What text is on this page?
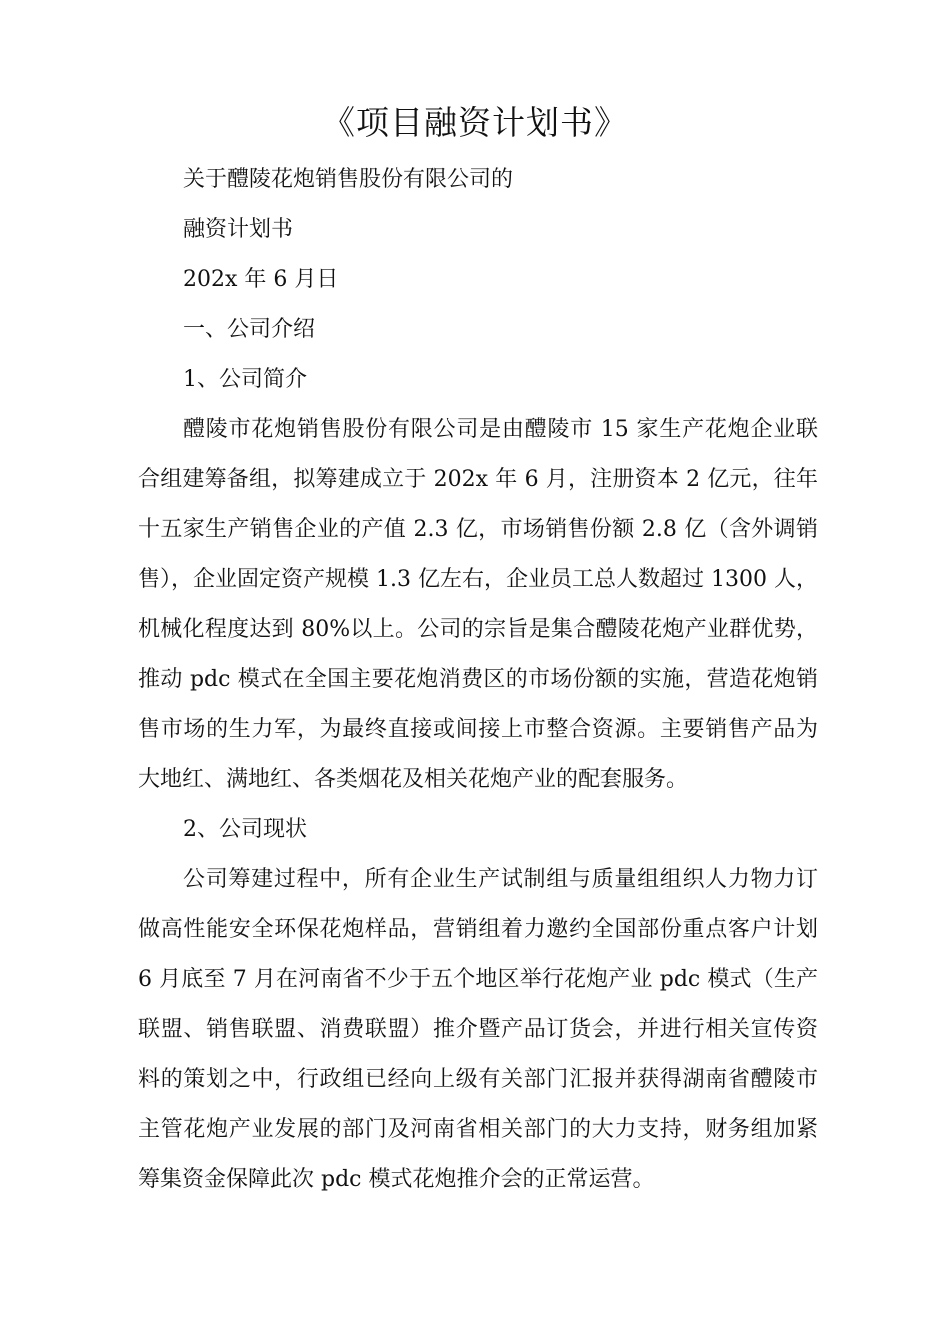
《项目融资计划书》

关于醴陵花炮销售股份有限公司的

融资计划书

202x 年 6 月日

一、公司介绍

1、公司简介

醴陵市花炮销售股份有限公司是由醴陵市 15 家生产花炮企业联合组建筹备组，拟筹建成立于 202x 年 6 月，注册资本 2 亿元，往年十五家生产销售企业的产值 2.3 亿，市场销售份额 2.8 亿（含外调销售），企业固定资产规模 1.3 亿左右，企业员工总人数超过 1300 人，机械化程度达到 80%以上。公司的宗旨是集合醴陵花炮产业群优势，推动 pdc 模式在全国主要花炮消费区的市场份额的实施，营造花炮销售市场的生力军，为最终直接或间接上市整合资源。主要销售产品为大地红、满地红、各类烟花及相关花炮产业的配套服务。

2、公司现状

公司筹建过程中，所有企业生产试制组与质量组组织人力物力订做高性能安全环保花炮样品，营销组着力邀约全国部份重点客户计划 6 月底至 7 月在河南省不少于五个地区举行花炮产业 pdc 模式（生产联盟、销售联盟、消费联盟）推介暨产品订货会，并进行相关宣传资料的策划之中，行政组已经向上级有关部门汇报并获得湖南省醴陵市主管花炮产业发展的部门及河南省相关部门的大力支持，财务组加紧筹集资金保障此次 pdc 模式花炮推介会的正常运营。
